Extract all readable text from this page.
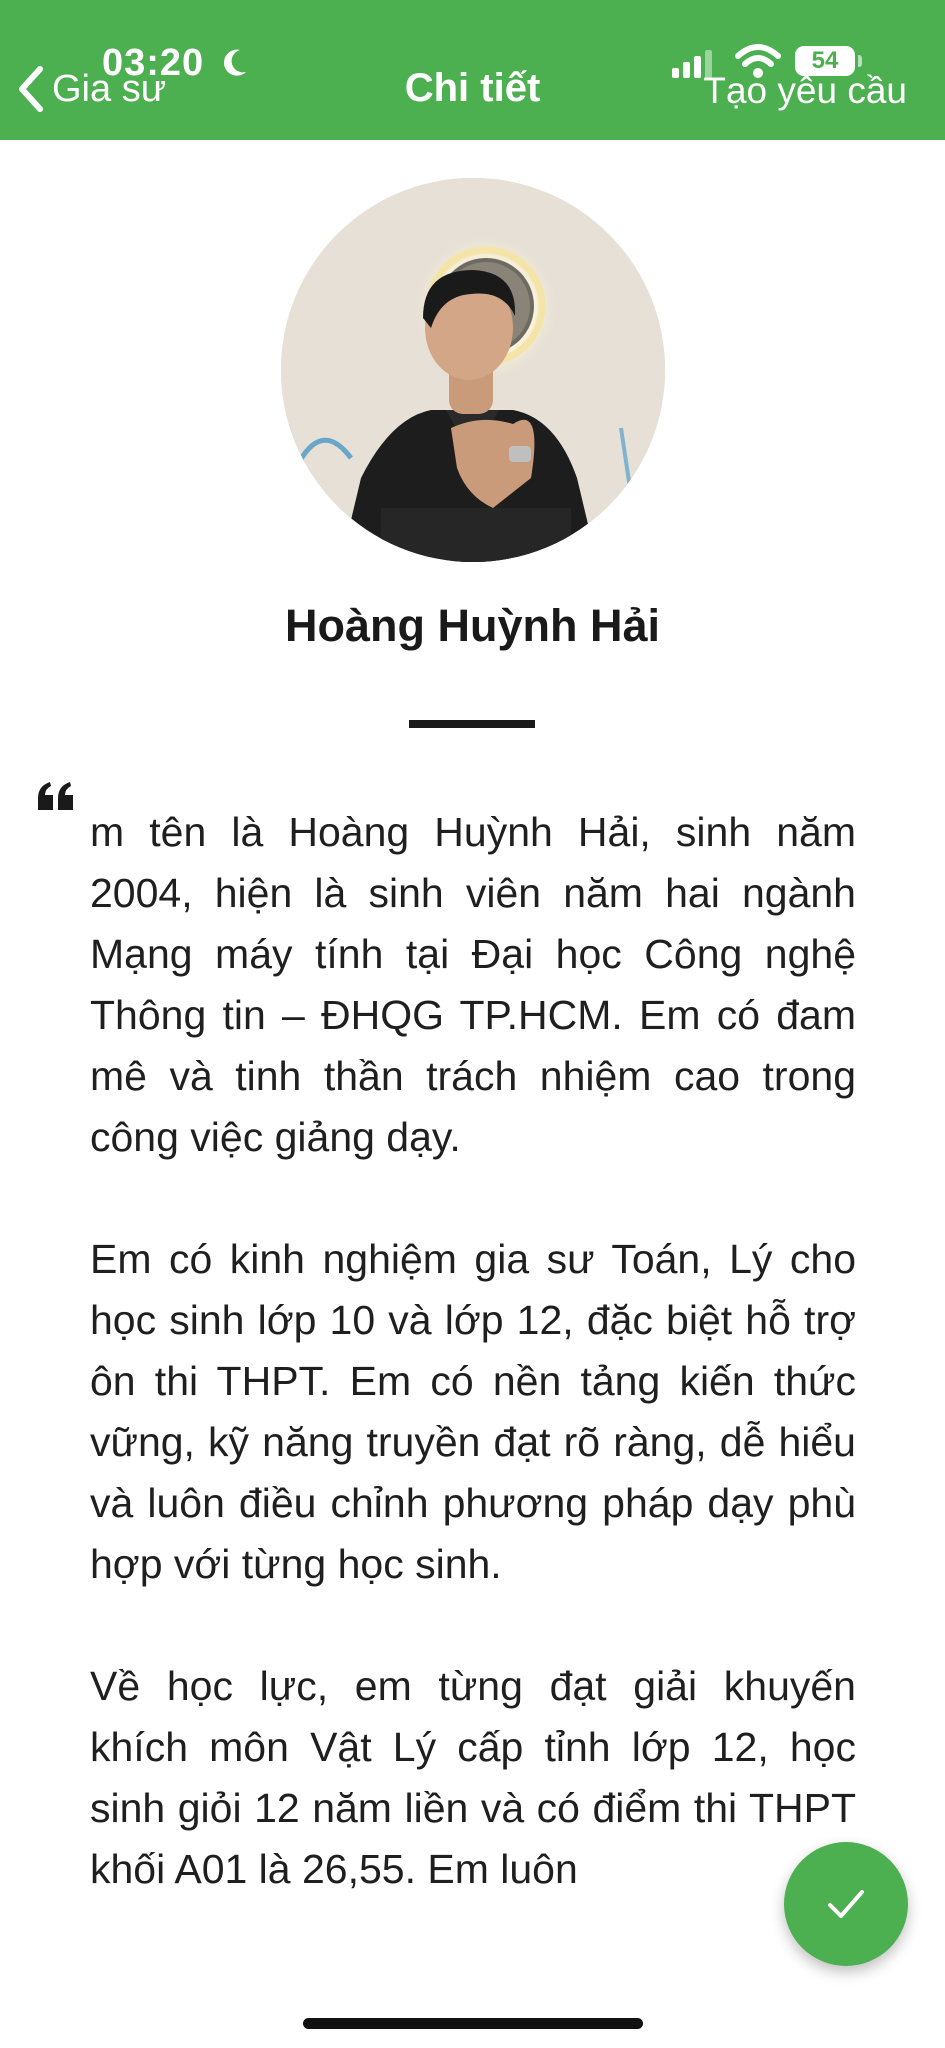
54
Gia sư
03:20
Chi tiết	Tạo yêu cầu
Hoàng Huỳnh Hải

m tên là Hoàng Huỳnh Hải, sinh năm 2004, hiện là sinh viên năm hai ngành Mạng máy tính tại Đại học Công nghệ Thông tin – ĐHQG TP.HCM. Em có đam mê và tinh thần trách nhiệm cao trong công việc giảng dạy.

Em có kinh nghiệm gia sư Toán, Lý cho học sinh lớp 10 và lớp 12, đặc biệt hỗ trợ ôn thi THPT. Em có nền tảng kiến thức vững, kỹ năng truyền đạt rõ ràng, dễ hiểu và luôn điều chỉnh phương pháp dạy phù hợp với từng học sinh.

Về học lực, em từng đạt giải khuyến khích môn Vật Lý cấp tỉnh lớp 12, học sinh giỏi 12 năm liền và có điểm thi THPT khối A01 là 26,55. Em luôn
